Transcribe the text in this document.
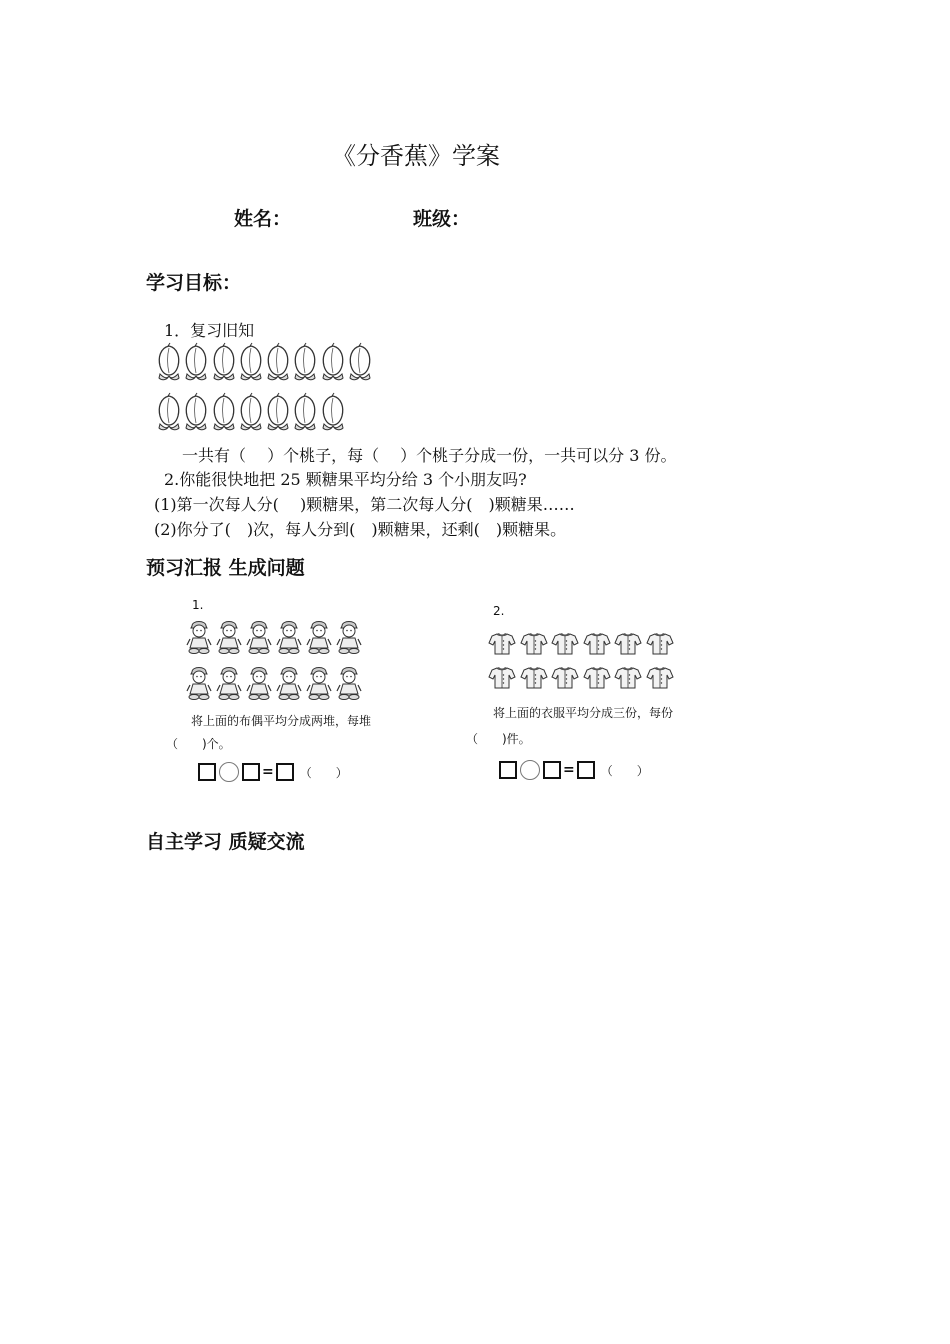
《分香蕉》学案
姓名：	班级：
学习目标：
1．复习旧知
一共有（　 ）个桃子，每（　 ）个桃子分成一份，一共可以分 3 份。
2.你能很快地把 25 颗糖果平均分给 3 个小朋友吗?
(1)第一次每人分(　 )颗糖果，第二次每人分(　)颗糖果……
(2)你分了(　)次，每人分到(　)颗糖果，还剩(　)颗糖果。
预习汇报 生成问题
1.
将上面的布偶平均分成两堆，每堆
（　　)个。
= （　　）
2.
将上面的衣服平均分成三份，每份
（　　)件。
= （　　）
自主学习 质疑交流
